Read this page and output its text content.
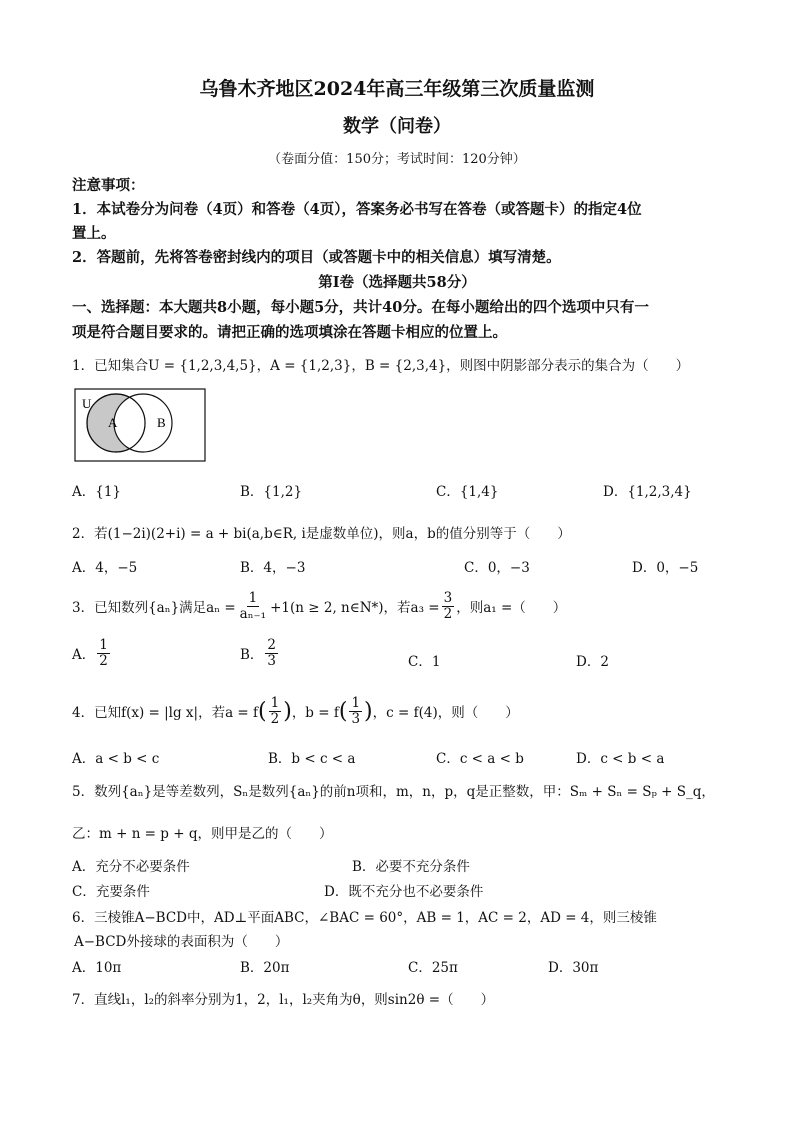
乌鲁木齐地区2024年高三年级第三次质量监测
数学（问卷）
（卷面分值：150分；考试时间：120分钟）
注意事项：
1．本试卷分为问卷（4页）和答卷（4页），答案务必书写在答卷（或答题卡）的指定4位
置上。
2．答题前，先将答卷密封线内的项目（或答题卡中的相关信息）填写清楚。
第Ⅰ卷（选择题共58分）
一、选择题：本大题共8小题，每小题5分，共计40分。在每小题给出的四个选项中只有一
项是符合题目要求的。请把正确的选项填涂在答题卡相应的位置上。
1．已知集合U = {1,2,3,4,5}，A = {1,2,3}，B = {2,3,4}，则图中阴影部分表示的集合为（　　）
U
A	B
A．{1}	B．{1,2}	C．{1,4}	D．{1,2,3,4}
2．若(1−2i)(2+i) = a + bi(a,b∈R, i是虚数单位)，则a，b的值分别等于（　　）
A．4，−5	B．4，−3	C．0，−3	D．0，−5
3．已知数列{aₙ}满足$a_n = \frac{1}{\text{aₙ₋₁}} +1(n \ge 2$, n∈N*)，若$a_3 = \frac{3}{2}$ ，则a₁ =（　　）
A． $\frac{1}{2}$	B． $\frac{2}{3}$	C．1	D．2
4．已知f(x) = |lg x|，若a = f ( $\frac{1}{2}$ ) ，b = f ( $\frac{1}{3}$ ) ，c = f(4)，则（　　）
A．a < b < c	B．b < c < a	C．c < a < b	D．c < b < a
5．数列{aₙ}是等差数列，Sₙ是数列{aₙ}的前n项和，m，n，p，q是正整数，甲：Sₘ + Sₙ = Sₚ + S_q，
乙：m + n = p + q，则甲是乙的（　　）
A．充分不必要条件	B．必要不充分条件
C．充要条件	D．既不充分也不必要条件
6．三棱锥A−BCD中，AD⊥平面ABC，∠BAC = 60°，AB = 1，AC = 2，AD = 4，则三棱锥
A−BCD外接球的表面积为（　　）
A．10π	B．20π	C．25π	D．30π
7．直线l₁，l₂的斜率分别为1，2，l₁，l₂夹角为θ，则sin2θ =（　　）
